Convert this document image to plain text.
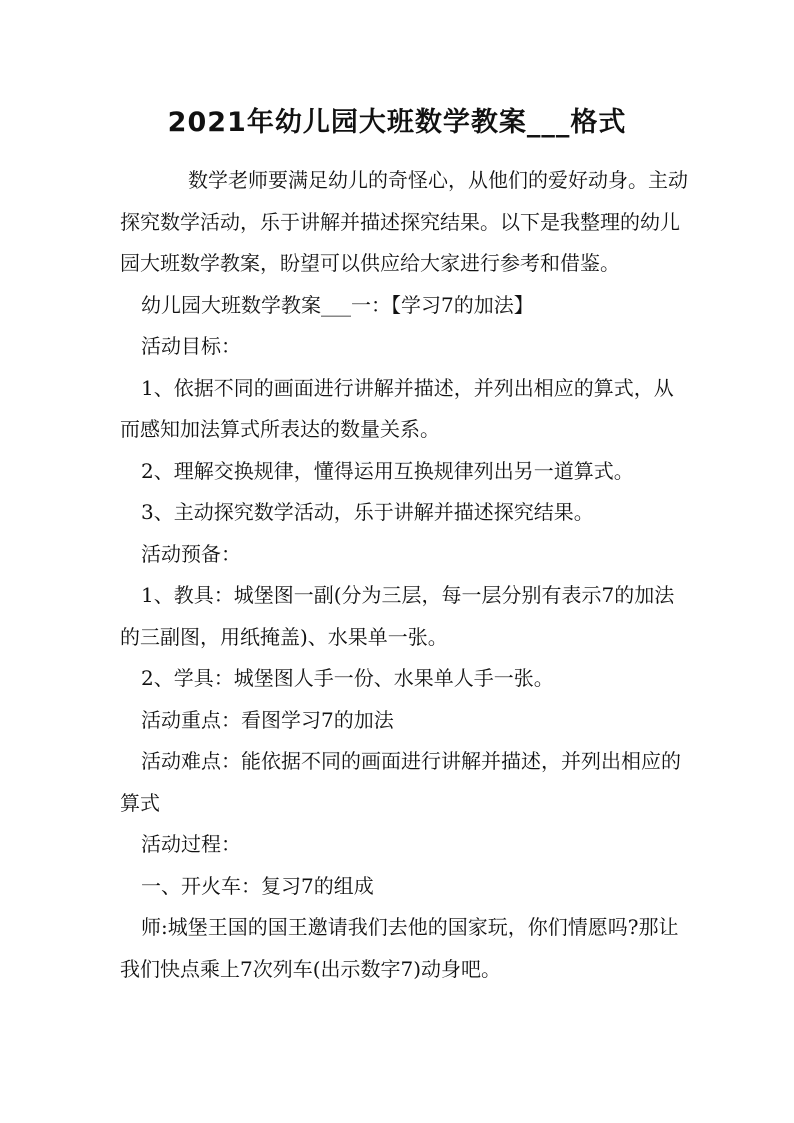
2021年幼儿园大班数学教案___格式

数学老师要满足幼儿的奇怪心，从他们的爱好动身。主动探究数学活动，乐于讲解并描述探究结果。以下是我整理的幼儿园大班数学教案，盼望可以供应给大家进行参考和借鉴。

幼儿园大班数学教案___一：【学习7的加法】

活动目标：

1、依据不同的画面进行讲解并描述，并列出相应的算式，从而感知加法算式所表达的数量关系。

2、理解交换规律，懂得运用互换规律列出另一道算式。

3、主动探究数学活动，乐于讲解并描述探究结果。

活动预备：

1、教具：城堡图一副(分为三层，每一层分别有表示7的加法的三副图，用纸掩盖)、水果单一张。

2、学具：城堡图人手一份、水果单人手一张。

活动重点：看图学习7的加法

活动难点：能依据不同的画面进行讲解并描述，并列出相应的算式

活动过程：

一、开火车：复习7的组成

师:城堡王国的国王邀请我们去他的国家玩，你们情愿吗?那让我们快点乘上7次列车(出示数字7)动身吧。
